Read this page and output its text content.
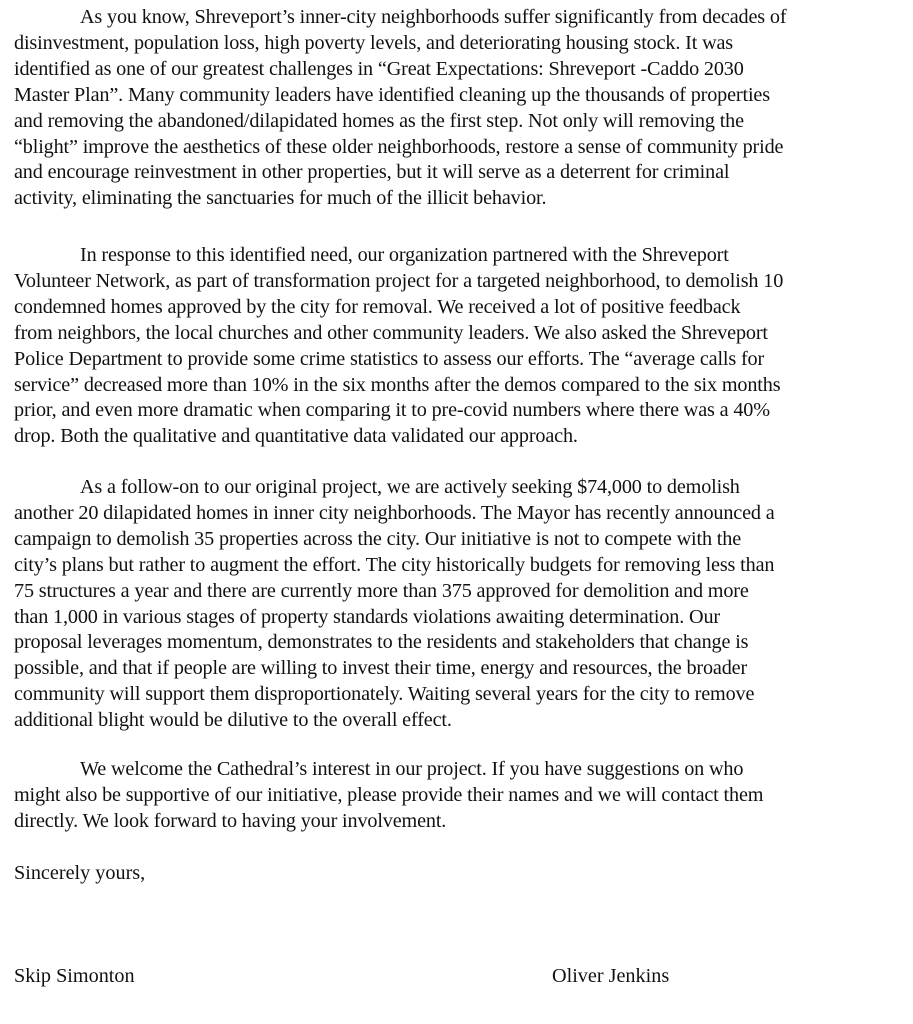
As you know, Shreveport’s inner-city neighborhoods suffer significantly from decades of
disinvestment, population loss, high poverty levels, and deteriorating housing stock. It was
identified as one of our greatest challenges in “Great Expectations: Shreveport -Caddo 2030
Master Plan”. Many community leaders have identified cleaning up the thousands of properties
and removing the abandoned/dilapidated homes as the first step. Not only will removing the
“blight” improve the aesthetics of these older neighborhoods, restore a sense of community pride
and encourage reinvestment in other properties, but it will serve as a deterrent for criminal
activity, eliminating the sanctuaries for much of the illicit behavior.
In response to this identified need, our organization partnered with the Shreveport
Volunteer Network, as part of transformation project for a targeted neighborhood, to demolish 10
condemned homes approved by the city for removal. We received a lot of positive feedback
from neighbors, the local churches and other community leaders. We also asked the Shreveport
Police Department to provide some crime statistics to assess our efforts. The “average calls for
service” decreased more than 10% in the six months after the demos compared to the six months
prior, and even more dramatic when comparing it to pre-covid numbers where there was a 40%
drop. Both the qualitative and quantitative data validated our approach.
As a follow-on to our original project, we are actively seeking $74,000 to demolish
another 20 dilapidated homes in inner city neighborhoods. The Mayor has recently announced a
campaign to demolish 35 properties across the city. Our initiative is not to compete with the
city’s plans but rather to augment the effort. The city historically budgets for removing less than
75 structures a year and there are currently more than 375 approved for demolition and more
than 1,000 in various stages of property standards violations awaiting determination. Our
proposal leverages momentum, demonstrates to the residents and stakeholders that change is
possible, and that if people are willing to invest their time, energy and resources, the broader
community will support them disproportionately. Waiting several years for the city to remove
additional blight would be dilutive to the overall effect.
We welcome the Cathedral’s interest in our project. If you have suggestions on who
might also be supportive of our initiative, please provide their names and we will contact them
directly. We look forward to having your involvement.
Sincerely yours,
Skip Simonton	Oliver Jenkins
